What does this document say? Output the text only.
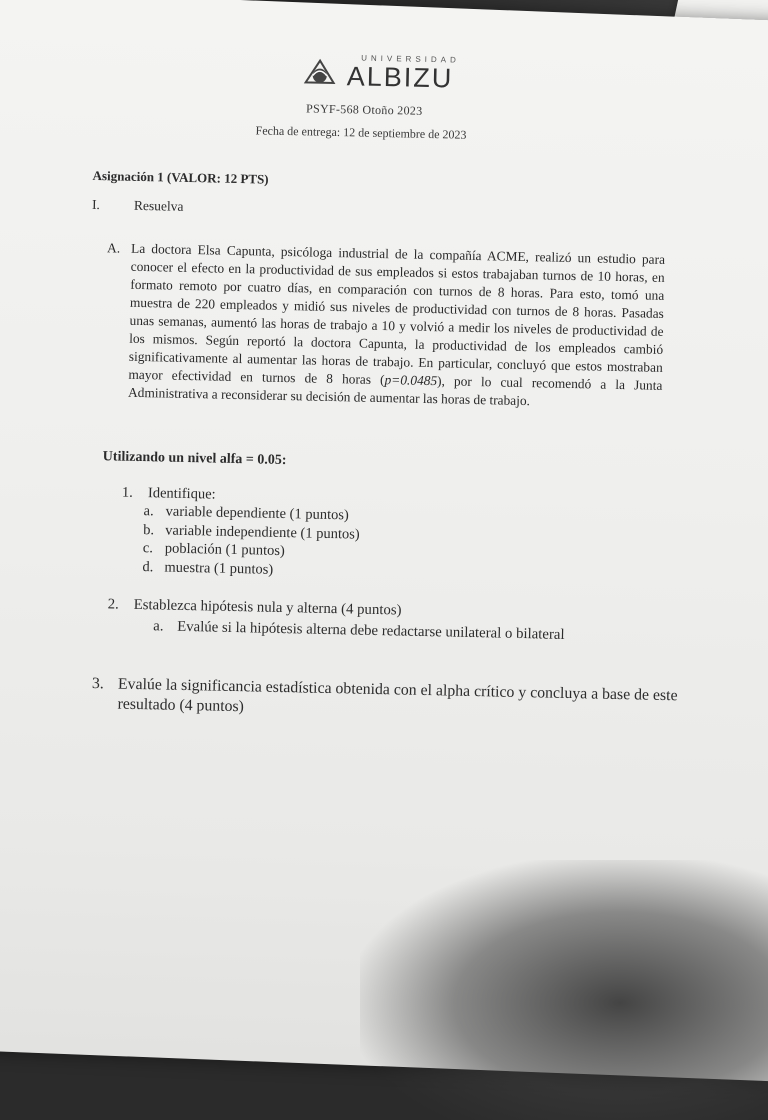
UNIVERSIDAD
ALBIZU
PSYF-568 Otoño 2023
Fecha de entrega: 12 de septiembre de 2023
Asignación 1 (VALOR: 12 PTS)
I.	Resuelva
A. La doctora Elsa Capunta, psicóloga industrial de la compañía ACME, realizó un estudio para conocer el efecto en la productividad de sus empleados si estos trabajaban turnos de 10 horas, en formato remoto por cuatro días, en comparación con turnos de 8 horas. Para esto, tomó una muestra de 220 empleados y midió sus niveles de productividad con turnos de 8 horas. Pasadas unas semanas, aumentó las horas de trabajo a 10 y volvió a medir los niveles de productividad de los mismos. Según reportó la doctora Capunta, la productividad de los empleados cambió significativamente al aumentar las horas de trabajo. En particular, concluyó que estos mostraban mayor efectividad en turnos de 8 horas (p=0.0485), por lo cual recomendó a la Junta Administrativa a reconsiderar su decisión de aumentar las horas de trabajo.
Utilizando un nivel alfa = 0.05:
1. Identifique:
a. variable dependiente (1 puntos)
b. variable independiente (1 puntos)
c. población (1 puntos)
d. muestra (1 puntos)
2. Establezca hipótesis nula y alterna (4 puntos)
a. Evalúe si la hipótesis alterna debe redactarse unilateral o bilateral
3. Evalúe la significancia estadística obtenida con el alpha crítico y concluya a base de este resultado (4 puntos)
